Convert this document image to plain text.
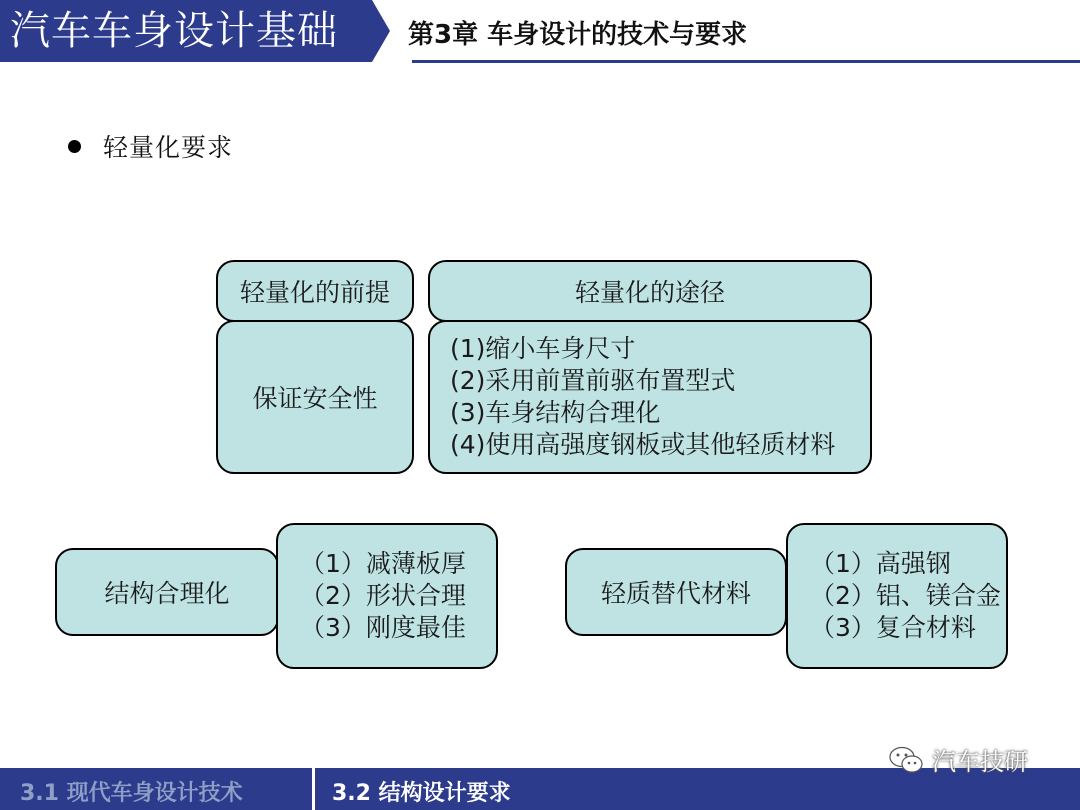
汽车车身设计基础	第3章 车身设计的技术与要求
轻量化要求
轻量化的前提	轻量化的途径
保证安全性
(1)缩小车身尺寸
(2)采用前置前驱布置型式
(3)车身结构合理化
(4)使用高强度钢板或其他轻质材料
结构合理化
（1）减薄板厚
（2）形状合理
（3）刚度最佳
轻质替代材料
（1）高强钢
（2）铝、镁合金
（3）复合材料
3.1 现代车身设计技术	3.2 结构设计要求
汽车技研
